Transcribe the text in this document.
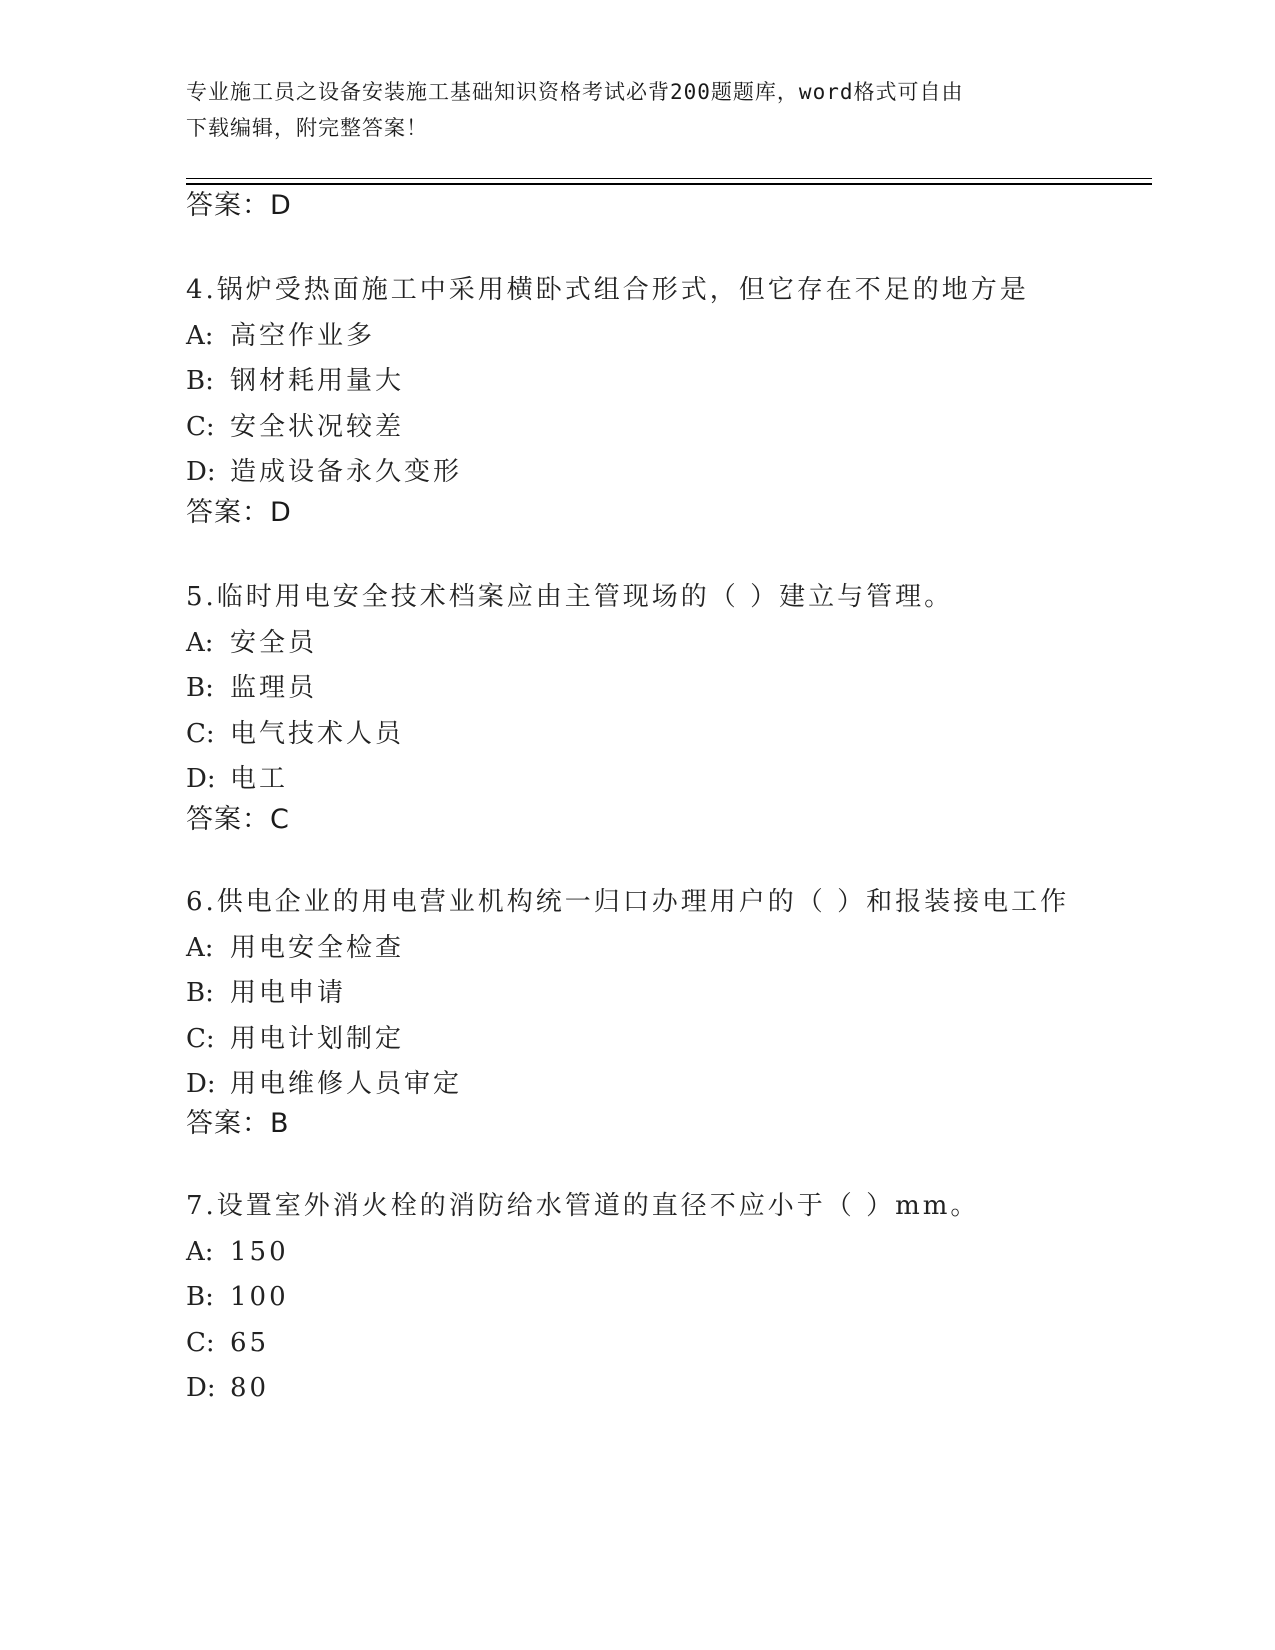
专业施工员之设备安装施工基础知识资格考试必背200题题库，word格式可自由
下载编辑，附完整答案！
答案：D
4.锅炉受热面施工中采用横卧式组合形式，但它存在不足的地方是
A: 高空作业多
B: 钢材耗用量大
C: 安全状况较差
D: 造成设备永久变形
答案：D
5.临时用电安全技术档案应由主管现场的（ ）建立与管理。
A: 安全员
B: 监理员
C: 电气技术人员
D: 电工
答案：C
6.供电企业的用电营业机构统一归口办理用户的（ ）和报装接电工作
A: 用电安全检查
B: 用电申请
C: 用电计划制定
D: 用电维修人员审定
答案：B
7.设置室外消火栓的消防给水管道的直径不应小于（ ）mm。
A: 150
B: 100
C: 65
D: 80
